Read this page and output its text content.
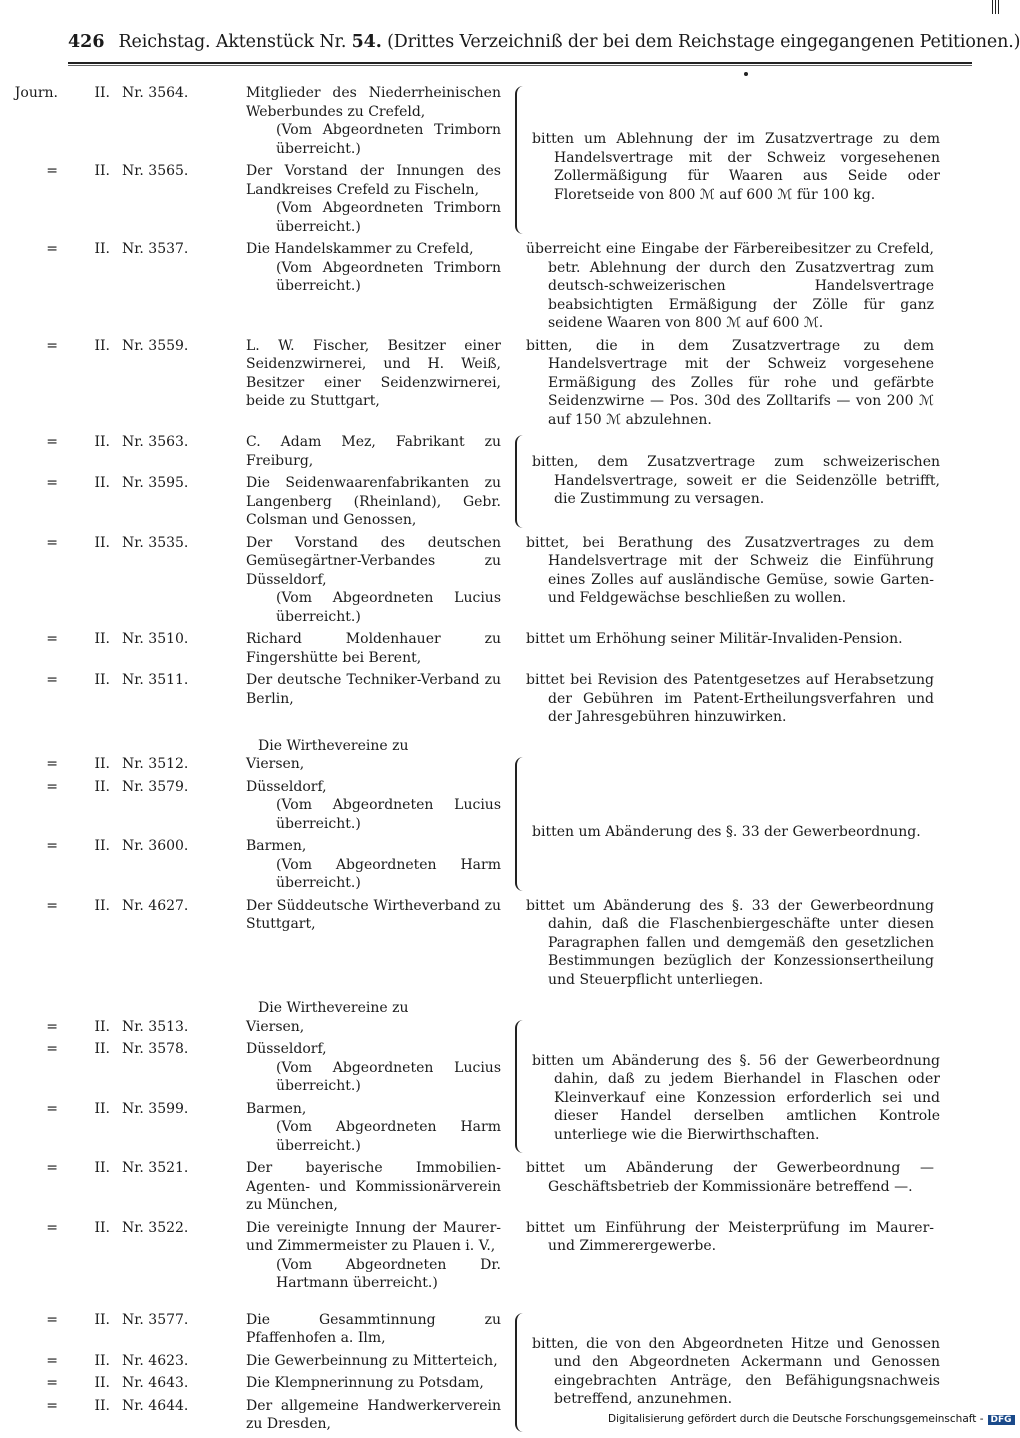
426 Reichstag. Aktenstück Nr. 54. (Drittes Verzeichniß der bei dem Reichstage eingegangenen Petitionen.)
Journ.	II. Nr. 3564.	Mitglieder des Niederrheinischen Weberbundes zu Crefeld,
(Vom Abgeordneten Trimborn überreicht.)
=	II. Nr. 3565.	Der Vorstand der Innungen des Landkreises Crefeld zu Fischeln,
(Vom Abgeordneten Trimborn überreicht.)
bitten um Ablehnung der im Zusatzvertrage zu dem Handelsvertrage mit der Schweiz vorgesehenen Zollermäßigung für Waaren aus Seide oder Floretseide von 800 ℳ auf 600 ℳ für 100 kg.
=	II. Nr. 3537.	Die Handelskammer zu Crefeld,
(Vom Abgeordneten Trimborn überreicht.)
überreicht eine Eingabe der Färbereibesitzer zu Crefeld, betr. Ablehnung der durch den Zusatzvertrag zum deutsch-schweizerischen Handelsvertrage beabsichtigten Ermäßigung der Zölle für ganz seidene Waaren von 800 ℳ auf 600 ℳ.
=	II. Nr. 3559.	L. W. Fischer, Besitzer einer Seidenzwirnerei, und H. Weiß, Besitzer einer Seidenzwirnerei, beide zu Stuttgart,
bitten, die in dem Zusatzvertrage zu dem Handelsvertrage mit der Schweiz vorgesehene Ermäßigung des Zolles für rohe und gefärbte Seidenzwirne — Pos. 30d des Zolltarifs — von 200 ℳ auf 150 ℳ abzulehnen.
=	II. Nr. 3563.	C. Adam Mez, Fabrikant zu Freiburg,
=	II. Nr. 3595.	Die Seidenwaarenfabrikanten zu Langenberg (Rheinland), Gebr. Colsman und Genossen,
bitten, dem Zusatzvertrage zum schweizerischen Handelsvertrage, soweit er die Seidenzölle betrifft, die Zustimmung zu versagen.
=	II. Nr. 3535.	Der Vorstand des deutschen Gemüsegärtner-Verbandes zu Düsseldorf,
(Vom Abgeordneten Lucius überreicht.)
bittet, bei Berathung des Zusatzvertrages zu dem Handelsvertrage mit der Schweiz die Einführung eines Zolles auf ausländische Gemüse, sowie Garten- und Feldgewächse beschließen zu wollen.
=	II. Nr. 3510.	Richard Moldenhauer zu Fingershütte bei Berent,
bittet um Erhöhung seiner Militär-Invaliden-Pension.
=	II. Nr. 3511.	Der deutsche Techniker-Verband zu Berlin,
bittet bei Revision des Patentgesetzes auf Herabsetzung der Gebühren im Patent-Ertheilungsverfahren und der Jahresgebühren hinzuwirken.
Die Wirthevereine zu
=	II. Nr. 3512.	Viersen,
=	II. Nr. 3579.	Düsseldorf,
(Vom Abgeordneten Lucius überreicht.)
=	II. Nr. 3600.	Barmen,
(Vom Abgeordneten Harm überreicht.)
bitten um Abänderung des §. 33 der Gewerbeordnung.
=	II. Nr. 4627.	Der Süddeutsche Wirtheverband zu Stuttgart,
bittet um Abänderung des §. 33 der Gewerbeordnung dahin, daß die Flaschenbiergeschäfte unter diesen Paragraphen fallen und demgemäß den gesetzlichen Bestimmungen bezüglich der Konzessionsertheilung und Steuerpflicht unterliegen.
Die Wirthevereine zu
=	II. Nr. 3513.	Viersen,
=	II. Nr. 3578.	Düsseldorf,
(Vom Abgeordneten Lucius überreicht.)
=	II. Nr. 3599.	Barmen,
(Vom Abgeordneten Harm überreicht.)
bitten um Abänderung des §. 56 der Gewerbeordnung dahin, daß zu jedem Bierhandel in Flaschen oder Kleinverkauf eine Konzession erforderlich sei und dieser Handel derselben amtlichen Kontrole unterliege wie die Bierwirthschaften.
=	II. Nr. 3521.	Der bayerische Immobilien-Agenten- und Kommissionärverein zu München,
bittet um Abänderung der Gewerbeordnung — Geschäftsbetrieb der Kommissionäre betreffend —.
=	II. Nr. 3522.	Die vereinigte Innung der Maurer- und Zimmermeister zu Plauen i. V.,
(Vom Abgeordneten Dr. Hartmann überreicht.)
bittet um Einführung der Meisterprüfung im Maurer- und Zimmerergewerbe.
=	II. Nr. 3577.	Die Gesammtinnung zu Pfaffenhofen a. Ilm,
=	II. Nr. 4623.	Die Gewerbeinnung zu Mitterteich,
=	II. Nr. 4643.	Die Klempnerinnung zu Potsdam,
=	II. Nr. 4644.	Der allgemeine Handwerkerverein zu Dresden,
bitten, die von den Abgeordneten Hitze und Genossen und den Abgeordneten Ackermann und Genossen eingebrachten Anträge, den Befähigungsnachweis betreffend, anzunehmen.
Digitalisierung gefördert durch die Deutsche Forschungsgemeinschaft - DFG
